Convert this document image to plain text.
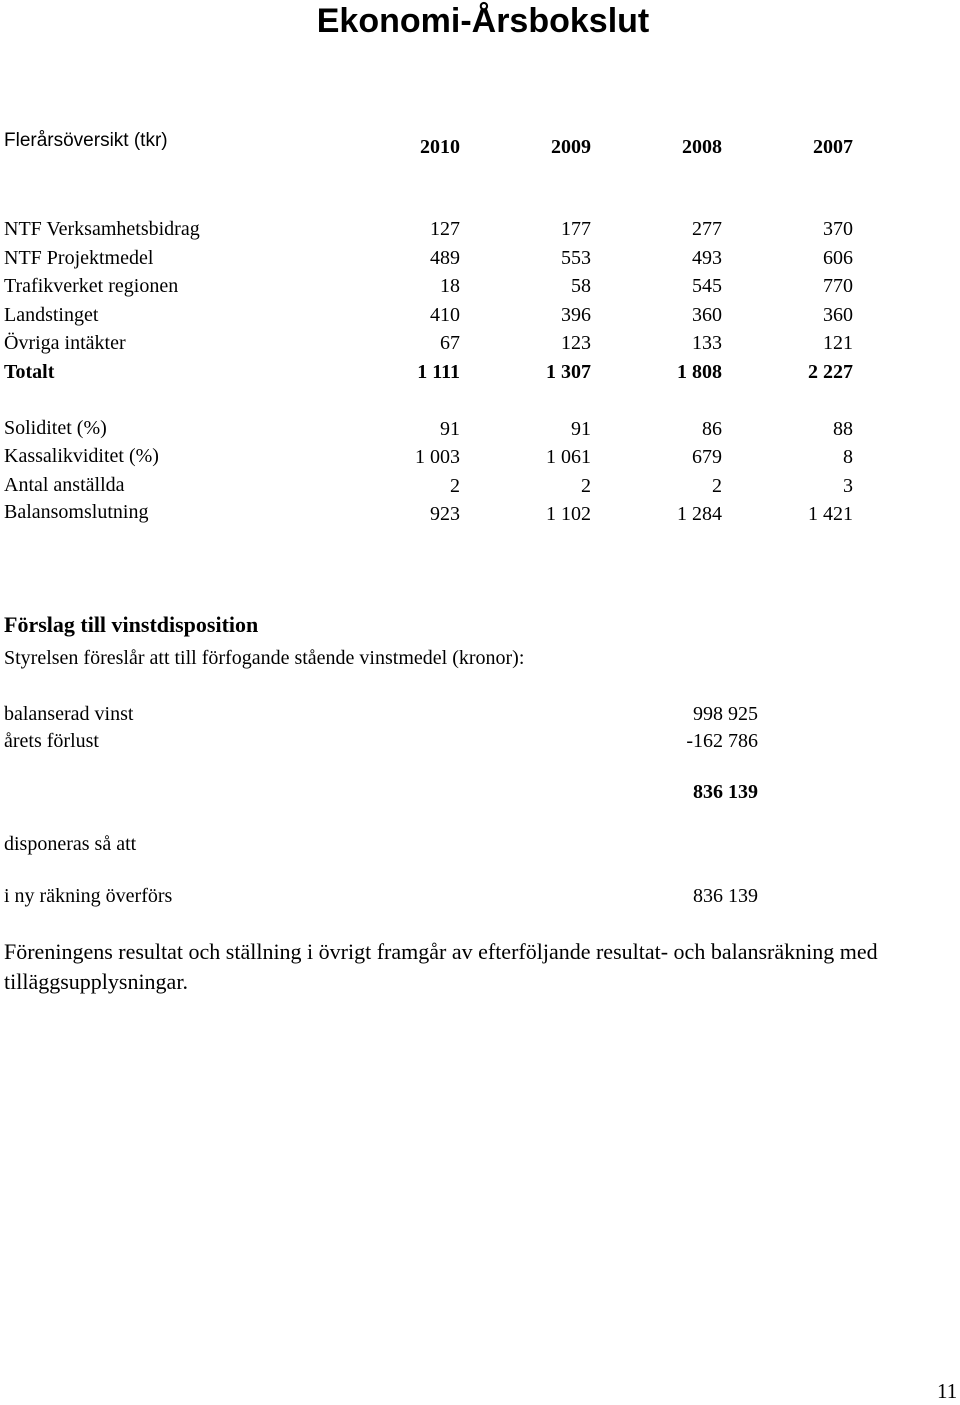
Ekonomi-Årsbokslut
Flerårsöversikt (tkr)	2010	2009	2008	2007
NTF Verksamhetsbidrag	127	177	277	370
NTF Projektmedel	489	553	493	606
Trafikverket regionen	18	58	545	770
Landstinget	410	396	360	360
Övriga intäkter	67	123	133	121
Totalt	1 111	1 307	1 808	2 227
Soliditet (%)	91	91	86	88
Kassalikviditet (%)	1 003	1 061	679	8
Antal anställda	2	2	2	3
Balansomslutning	923	1 102	1 284	1 421
Förslag till vinstdisposition
Styrelsen föreslår att till förfogande stående vinstmedel (kronor):
balanserad vinst	998 925
årets förlust	-162 786
836 139
disponeras så att
i ny räkning överförs	836 139
Föreningens resultat och ställning i övrigt framgår av efterföljande resultat- och balansräkning med tilläggsupplysningar.
11
